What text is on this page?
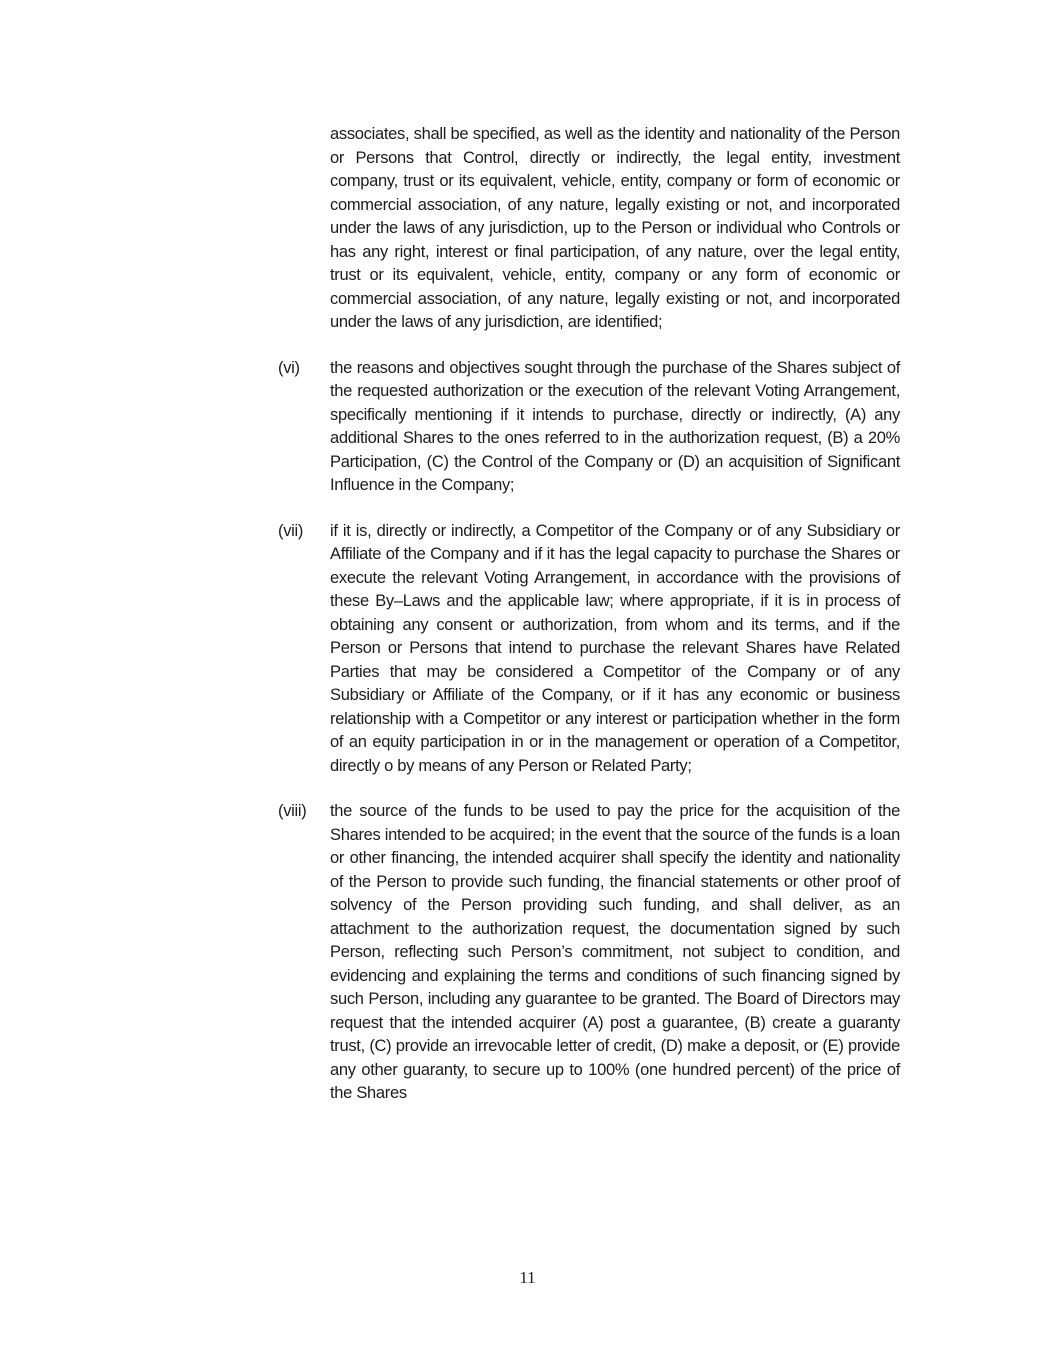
associates, shall be specified, as well as the identity and nationality of the Person or Persons that Control, directly or indirectly, the legal entity, investment company, trust or its equivalent, vehicle, entity, company or form of economic or commercial association, of any nature, legally existing or not, and incorporated under the laws of any jurisdiction, up to the Person or individual who Controls or has any right, interest or final participation, of any nature, over the legal entity, trust or its equivalent, vehicle, entity, company or any form of economic or commercial association, of any nature, legally existing or not, and incorporated under the laws of any jurisdiction, are identified;

(vi) the reasons and objectives sought through the purchase of the Shares subject of the requested authorization or the execution of the relevant Voting Arrangement, specifically mentioning if it intends to purchase, directly or indirectly, (A) any additional Shares to the ones referred to in the authorization request, (B) a 20% Participation, (C) the Control of the Company or (D) an acquisition of Significant Influence in the Company;

(vii) if it is, directly or indirectly, a Competitor of the Company or of any Subsidiary or Affiliate of the Company and if it has the legal capacity to purchase the Shares or execute the relevant Voting Arrangement, in accordance with the provisions of these By–Laws and the applicable law; where appropriate, if it is in process of obtaining any consent or authorization, from whom and its terms, and if the Person or Persons that intend to purchase the relevant Shares have Related Parties that may be considered a Competitor of the Company or of any Subsidiary or Affiliate of the Company, or if it has any economic or business relationship with a Competitor or any interest or participation whether in the form of an equity participation in or in the management or operation of a Competitor, directly o by means of any Person or Related Party;

(viii) the source of the funds to be used to pay the price for the acquisition of the Shares intended to be acquired; in the event that the source of the funds is a loan or other financing, the intended acquirer shall specify the identity and nationality of the Person to provide such funding, the financial statements or other proof of solvency of the Person providing such funding, and shall deliver, as an attachment to the authorization request, the documentation signed by such Person, reflecting such Person’s commitment, not subject to condition, and evidencing and explaining the terms and conditions of such financing signed by such Person, including any guarantee to be granted. The Board of Directors may request that the intended acquirer (A) post a guarantee, (B) create a guaranty trust, (C) provide an irrevocable letter of credit, (D) make a deposit, or (E) provide any other guaranty, to secure up to 100% (one hundred percent) of the price of the Shares

11
